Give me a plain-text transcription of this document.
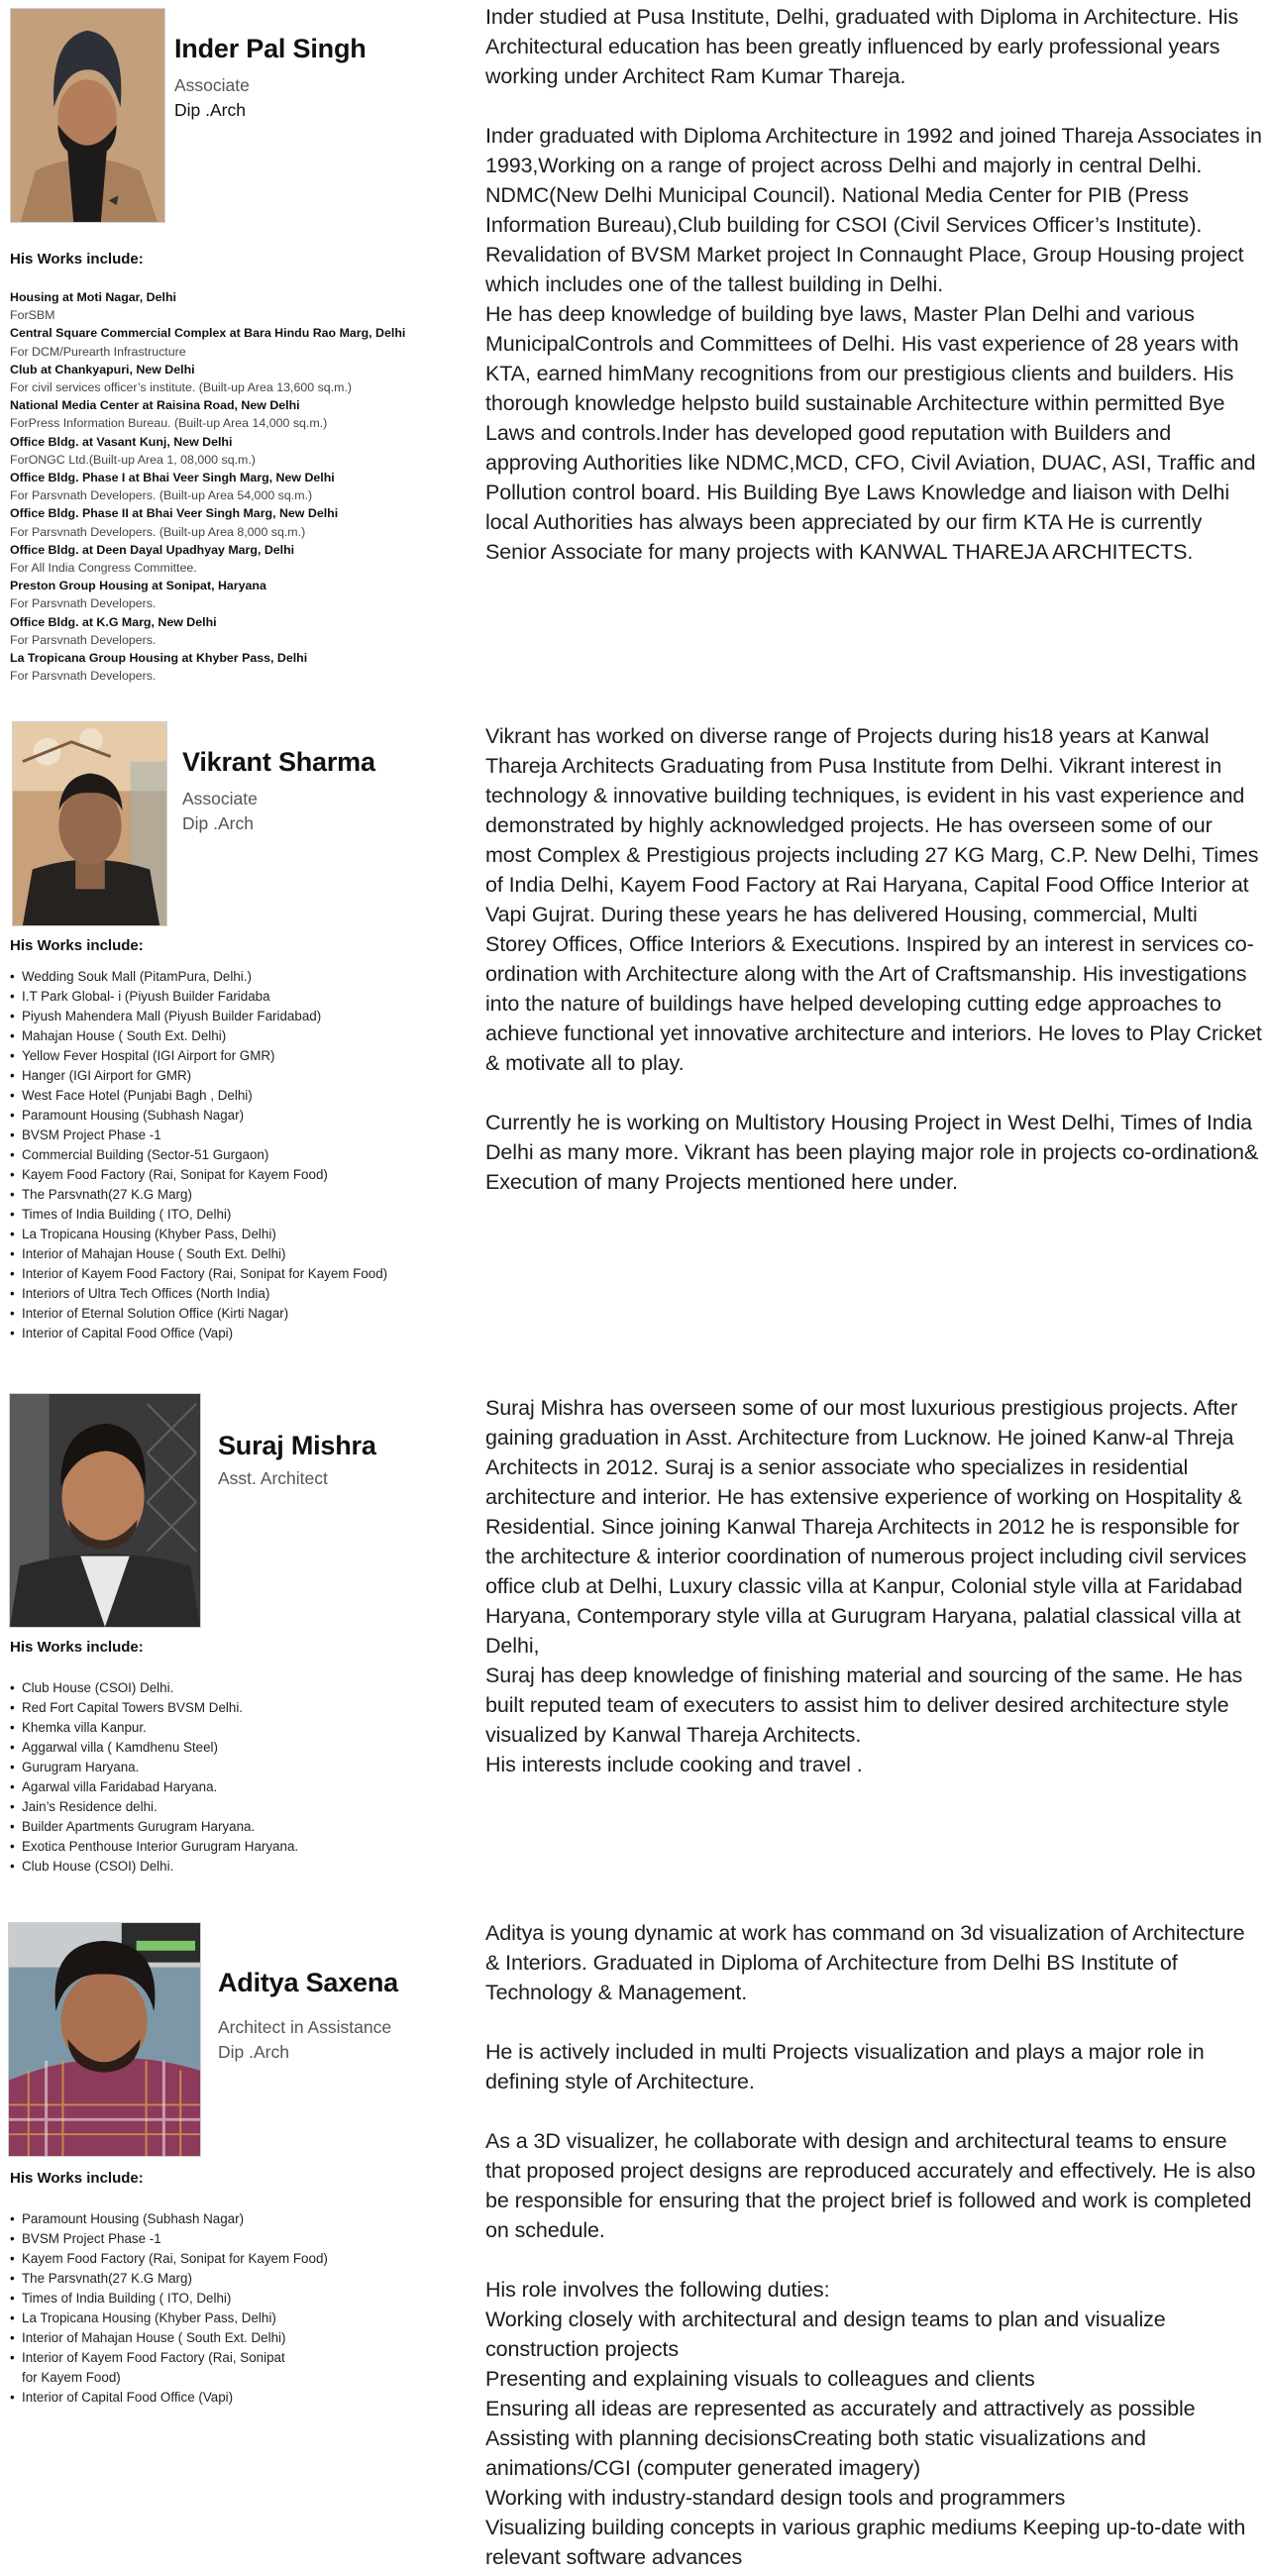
Inder Pal Singh
Associate
Dip .Arch
His Works include:
Housing at Moti Nagar, Delhi
ForSBM
Central Square Commercial Complex at Bara Hindu Rao Marg, Delhi
For DCM/Purearth Infrastructure
Club at Chankyapuri, New Delhi
For civil services officer’s institute. (Built-up Area 13,600 sq.m.)
National Media Center at Raisina Road, New Delhi
ForPress Information Bureau. (Built-up Area 14,000 sq.m.)
Office Bldg. at Vasant Kunj, New Delhi
ForONGC Ltd.(Built-up Area 1, 08,000 sq.m.)
Office Bldg. Phase I at Bhai Veer Singh Marg, New Delhi
For Parsvnath Developers. (Built-up Area 54,000 sq.m.)
Office Bldg. Phase II at Bhai Veer Singh Marg, New Delhi
For Parsvnath Developers. (Built-up Area 8,000 sq.m.)
Office Bldg. at Deen Dayal Upadhyay Marg, Delhi
For All India Congress Committee.
Preston Group Housing at Sonipat, Haryana
For Parsvnath Developers.
Office Bldg. at K.G Marg, New Delhi
For Parsvnath Developers.
La Tropicana Group Housing at Khyber Pass, Delhi
For Parsvnath Developers.

Inder studied at Pusa Institute, Delhi, graduated with Diploma in Architecture. His Architectural education has been greatly influenced by early professional years working under Architect Ram Kumar Thareja.

Inder graduated with Diploma Architecture in 1992 and joined Thareja Associates in 1993,Working on a range of project across Delhi and majorly in central Delhi. NDMC(New Delhi Municipal Council). National Media Center for PIB (Press Information Bureau),Club building for CSOI (Civil Services Officer’s Institute). Revalidation of BVSM Market project In Connaught Place, Group Housing project which includes one of the tallest building in Delhi.
He has deep knowledge of building bye laws, Master Plan Delhi and various MunicipalControls and Committees of Delhi. His vast experience of 28 years with KTA, earned himMany recognitions from our prestigious clients and builders. His thorough knowledge helpsto build sustainable Architecture within permitted Bye Laws and controls.Inder has developed good reputation with Builders and approving Authorities like NDMC,MCD, CFO, Civil Aviation, DUAC, ASI, Traffic and Pollution control board. His Building Bye Laws Knowledge and liaison with Delhi local Authorities has always been appreciated by our firm KTA He is currently Senior Associate for many projects with KANWAL THAREJA ARCHITECTS.

Vikrant Sharma
Associate
Dip .Arch
His Works include:
• Wedding Souk Mall (PitamPura, Delhi.)
• I.T Park Global- i (Piyush Builder Faridaba
• Piyush Mahendera Mall (Piyush Builder Faridabad)
• Mahajan House ( South Ext. Delhi)
• Yellow Fever Hospital (IGI Airport for GMR)
• Hanger (IGI Airport for GMR)
• West Face Hotel (Punjabi Bagh , Delhi)
• Paramount Housing (Subhash Nagar)
• BVSM Project Phase -1
• Commercial Building (Sector-51 Gurgaon)
• Kayem Food Factory (Rai, Sonipat for Kayem Food)
• The Parsvnath(27 K.G Marg)
• Times of India Building ( ITO, Delhi)
• La Tropicana Housing (Khyber Pass, Delhi)
• Interior of Mahajan House ( South Ext. Delhi)
• Interior of Kayem Food Factory (Rai, Sonipat for Kayem Food)
• Interiors of Ultra Tech Offices (North India)
• Interior of Eternal Solution Office (Kirti Nagar)
• Interior of Capital Food Office (Vapi)

Vikrant has worked on diverse range of Projects during his18 years at Kanwal Thareja Architects Graduating from Pusa Institute from Delhi. Vikrant interest in technology & innovative building techniques, is evident in his vast experience and demonstrated by highly acknowledged projects. He has overseen some of our most Complex & Prestigious projects including 27 KG Marg, C.P. New Delhi, Times of India Delhi, Kayem Food Factory at Rai Haryana, Capital Food Office Interior at Vapi Gujrat. During these years he has delivered Housing, commercial, Multi Storey Offices, Office Interiors & Executions. Inspired by an interest in services co-ordination with Architecture along with the Art of Craftsmanship. His investigations into the nature of buildings have helped developing cutting edge approaches to achieve functional yet innovative architecture and interiors. He loves to Play Cricket & motivate all to play.

Currently he is working on Multistory Housing Project in West Delhi, Times of India Delhi as many more. Vikrant has been playing major role in projects co-ordination& Execution of many Projects mentioned here under.

Suraj Mishra
Asst. Architect
His Works include:
• Club House (CSOI) Delhi.
• Red Fort Capital Towers BVSM Delhi.
• Khemka villa Kanpur.
• Aggarwal villa ( Kamdhenu Steel)
• Gurugram Haryana.
• Agarwal villa Faridabad Haryana.
• Jain’s Residence delhi.
• Builder Apartments Gurugram Haryana.
• Exotica Penthouse Interior Gurugram Haryana.
• Club House (CSOI) Delhi.

Suraj Mishra has overseen some of our most luxurious prestigious projects. After gaining graduation in Asst. Architecture from Lucknow. He joined Kanw-al Threja Architects in 2012. Suraj is a senior associate who specializes in residential architecture and interior. He has extensive experience of working on Hospitality & Residential. Since joining Kanwal Thareja Architects in 2012 he is responsible for the architecture & interior coordination of numerous project including civil services office club at Delhi, Luxury classic villa at Kanpur, Colonial style villa at Faridabad Haryana, Contemporary style villa at Gurugram Haryana, palatial classical villa at Delhi,
Suraj has deep knowledge of finishing material and sourcing of the same. He has built reputed team of executers to assist him to deliver desired architecture style visualized by Kanwal Thareja Architects.
His interests include cooking and travel .

Aditya Saxena
Architect in Assistance
Dip .Arch
His Works include:
• Paramount Housing (Subhash Nagar)
• BVSM Project Phase -1
• Kayem Food Factory (Rai, Sonipat for Kayem Food)
• The Parsvnath(27 K.G Marg)
• Times of India Building ( ITO, Delhi)
• La Tropicana Housing (Khyber Pass, Delhi)
• Interior of Mahajan House ( South Ext. Delhi)
• Interior of Kayem Food Factory (Rai, Sonipat
for Kayem Food)
• Interior of Capital Food Office (Vapi)

Aditya is young dynamic at work has command on 3d visualization of Architecture & Interiors. Graduated in Diploma of Architecture from Delhi BS Institute of Technology & Management.

He is actively included in multi Projects visualization and plays a major role in defining style of Architecture.

As a 3D visualizer, he collaborate with design and architectural teams to ensure that proposed project designs are reproduced accurately and effectively. He is also be responsible for ensuring that the project brief is followed and work is completed on schedule.

His role involves the following duties:
Working closely with architectural and design teams to plan and visualize construction projects
Presenting and explaining visuals to colleagues and clients
Ensuring all ideas are represented as accurately and attractively as possible
Assisting with planning decisionsCreating both static visualizations and
animations/CGI (computer generated imagery)
Working with industry-standard design tools and programmers
Visualizing building concepts in various graphic mediums Keeping up-to-date with relevant software advances
